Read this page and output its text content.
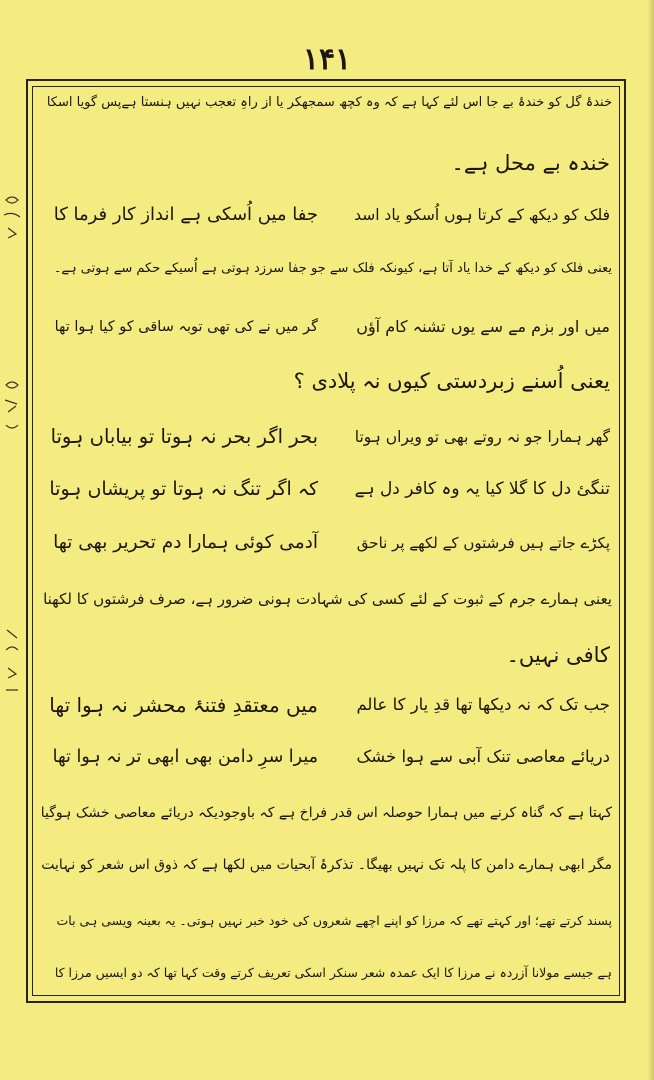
۱۴۱
خندۂ گل کو خندۂ بے جا اس لئے کہا ہے کہ وہ کچھ سمجھکر یا از راہِ تعجب نہیں ہنستا ہےپس گویا اسکا
خندہ بے محل ہے۔
فلک کو دیکھ کے کرتا ہوں اُسکو یاد اسد
جفا میں اُسکی ہے انداز کار فرما کا
یعنی فلک کو دیکھ کے خدا یاد آتا ہے، کیونکہ فلک سے جو جفا سرزد ہوتی ہے اُسیکے حکم سے ہوتی ہے۔
میں اور بزم مے سے یوں تشنہ کام آؤں
گر میں نے کی تھی توبہ ساقی کو کیا ہوا تھا
یعنی اُسنے زبردستی کیوں نہ پلادی ؟
گھر ہمارا جو نہ روتے بھی تو ویراں ہوتا
بحر اگر بحر نہ ہوتا تو بیاباں ہوتا
تنگئ دل کا گلا کیا یہ وہ کافر دل ہے
کہ اگر تنگ نہ ہوتا تو پریشاں ہوتا
پکڑے جاتے ہیں فرشتوں کے لکھے پر ناحق
آدمی کوئی ہمارا دم تحریر بھی تھا
یعنی ہمارے جرم کے ثبوت کے لئے کسی کی شہادت ہونی ضرور ہے، صرف فرشتوں کا لکھنا
کافی نہیں۔
جب تک کہ نہ دیکھا تھا قدِ یار کا عالم
میں معتقدِ فتنۂ محشر نہ ہوا تھا
دریائے معاصی تنک آبی سے ہوا خشک
میرا سرِ دامن بھی ابھی تر نہ ہوا تھا
کہتا ہے کہ گناہ کرنے میں ہمارا حوصلہ اس قدر فراخ ہے کہ باوجودیکہ دریائے معاصی خشک ہوگیا
مگر ابھی ہمارے دامن کا پلہ تک نہیں بھیگا۔ تذکرۂ آبحیات میں لکھا ہے کہ ذوق اس شعر کو نہایت
پسند کرتے تھے؛ اور کہتے تھے کہ مرزا کو اپنے اچھے شعروں کی خود خبر نہیں ہوتی۔ یہ بعینہ ویسی ہی بات
ہے جیسے مولانا آزردہ نے مرزا کا ایک عمدہ شعر سنکر اسکی تعریف کرتے وقت کہا تھا کہ دو ایسیں مرزا کا
